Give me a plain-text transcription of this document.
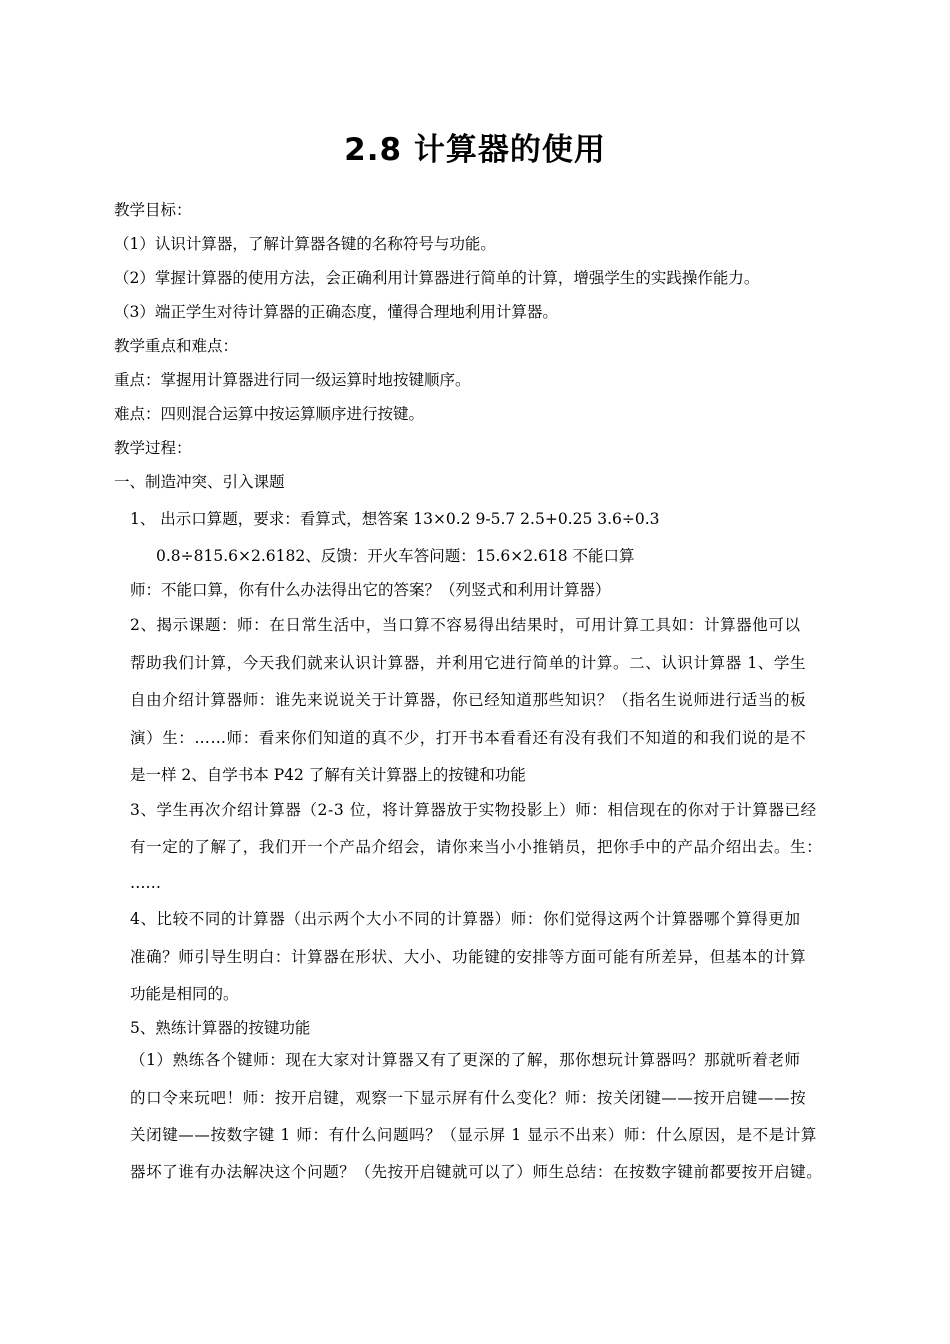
2.8 计算器的使用
教学目标：
（1）认识计算器，了解计算器各键的名称符号与功能。
（2）掌握计算器的使用方法，会正确利用计算器进行简单的计算，增强学生的实践操作能力。
（3）端正学生对待计算器的正确态度，懂得合理地利用计算器。
教学重点和难点：
重点：掌握用计算器进行同一级运算时地按键顺序。
难点：四则混合运算中按运算顺序进行按键。
教学过程：
一、制造冲突、引入课题
1、 出示口算题，要求：看算式，想答案 13×0.2 9-5.7 2.5+0.25 3.6÷0.3
0.8÷815.6×2.6182、反馈：开火车答问题：15.6×2.618 不能口算
师：不能口算，你有什么办法得出它的答案？（列竖式和利用计算器）
2、揭示课题：师：在日常生活中，当口算不容易得出结果时，可用计算工具如：计算器他可以
帮助我们计算，今天我们就来认识计算器，并利用它进行简单的计算。二、认识计算器 1、学生
自由介绍计算器师：谁先来说说关于计算器，你已经知道那些知识？（指名生说师进行适当的板
演）生：……师：看来你们知道的真不少，打开书本看看还有没有我们不知道的和我们说的是不
是一样 2、自学书本 P42 了解有关计算器上的按键和功能
3、学生再次介绍计算器（2-3 位，将计算器放于实物投影上）师：相信现在的你对于计算器已经
有一定的了解了，我们开一个产品介绍会，请你来当小小推销员，把你手中的产品介绍出去。生：
……
4、比较不同的计算器（出示两个大小不同的计算器）师：你们觉得这两个计算器哪个算得更加
准确？师引导生明白：计算器在形状、大小、功能键的安排等方面可能有所差异，但基本的计算
功能是相同的。
5、熟练计算器的按键功能
（1）熟练各个键师：现在大家对计算器又有了更深的了解，那你想玩计算器吗？那就听着老师
的口令来玩吧！师：按开启键，观察一下显示屏有什么变化？师：按关闭键——按开启键——按
关闭键——按数字键 1 师：有什么问题吗？（显示屏 1 显示不出来）师：什么原因，是不是计算
器坏了谁有办法解决这个问题？（先按开启键就可以了）师生总结：在按数字键前都要按开启键。
